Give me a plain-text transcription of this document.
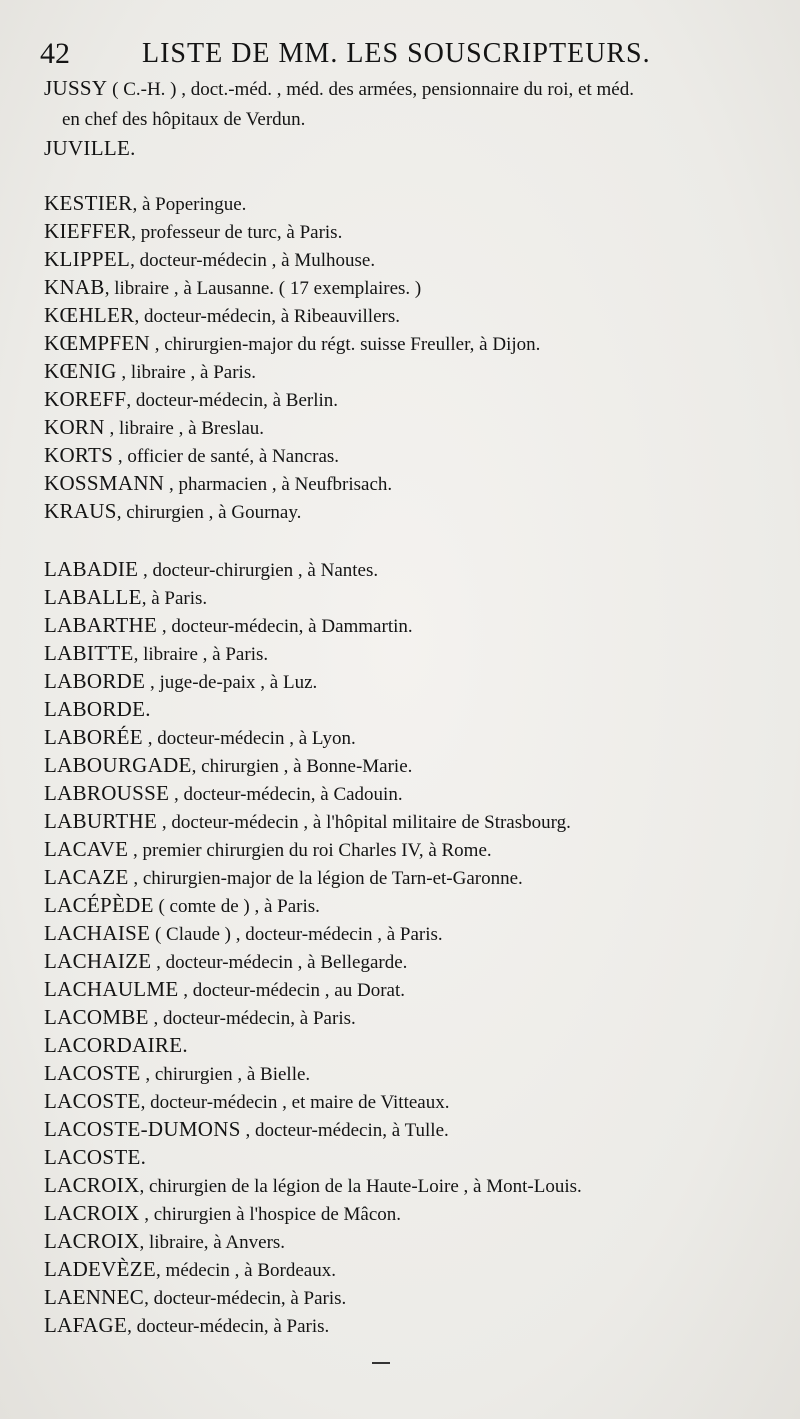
42	LISTE DE MM. LES SOUSCRIPTEURS.
JUSSY ( C.-H. ) , doct.-méd. , méd. des armées, pensionnaire du roi, et méd.
en chef des hôpitaux de Verdun.
JUVILLE.
KESTIER, à Poperingue.
KIEFFER, professeur de turc, à Paris.
KLIPPEL, docteur-médecin , à Mulhouse.
KNAB, libraire , à Lausanne. ( 17 exemplaires. )
KŒHLER, docteur-médecin, à Ribeauvillers.
KŒMPFEN , chirurgien-major du régt. suisse Freuller, à Dijon.
KŒNIG , libraire , à Paris.
KOREFF, docteur-médecin, à Berlin.
KORN , libraire , à Breslau.
KORTS , officier de santé, à Nancras.
KOSSMANN , pharmacien , à Neufbrisach.
KRAUS, chirurgien , à Gournay.
LABADIE , docteur-chirurgien , à Nantes.
LABALLE, à Paris.
LABARTHE , docteur-médecin, à Dammartin.
LABITTE, libraire , à Paris.
LABORDE , juge-de-paix , à Luz.
LABORDE.
LABORÉE , docteur-médecin , à Lyon.
LABOURGADE, chirurgien , à Bonne-Marie.
LABROUSSE , docteur-médecin, à Cadouin.
LABURTHE , docteur-médecin , à l'hôpital militaire de Strasbourg.
LACAVE , premier chirurgien du roi Charles IV, à Rome.
LACAZE , chirurgien-major de la légion de Tarn-et-Garonne.
LACÉPÈDE ( comte de ) , à Paris.
LACHAISE ( Claude ) , docteur-médecin , à Paris.
LACHAIZE , docteur-médecin , à Bellegarde.
LACHAULME , docteur-médecin , au Dorat.
LACOMBE , docteur-médecin, à Paris.
LACORDAIRE.
LACOSTE , chirurgien , à Bielle.
LACOSTE, docteur-médecin , et maire de Vitteaux.
LACOSTE-DUMONS , docteur-médecin, à Tulle.
LACOSTE.
LACROIX, chirurgien de la légion de la Haute-Loire , à Mont-Louis.
LACROIX , chirurgien à l'hospice de Mâcon.
LACROIX, libraire, à Anvers.
LADEVÈZE, médecin , à Bordeaux.
LAENNEC, docteur-médecin, à Paris.
LAFAGE, docteur-médecin, à Paris.
